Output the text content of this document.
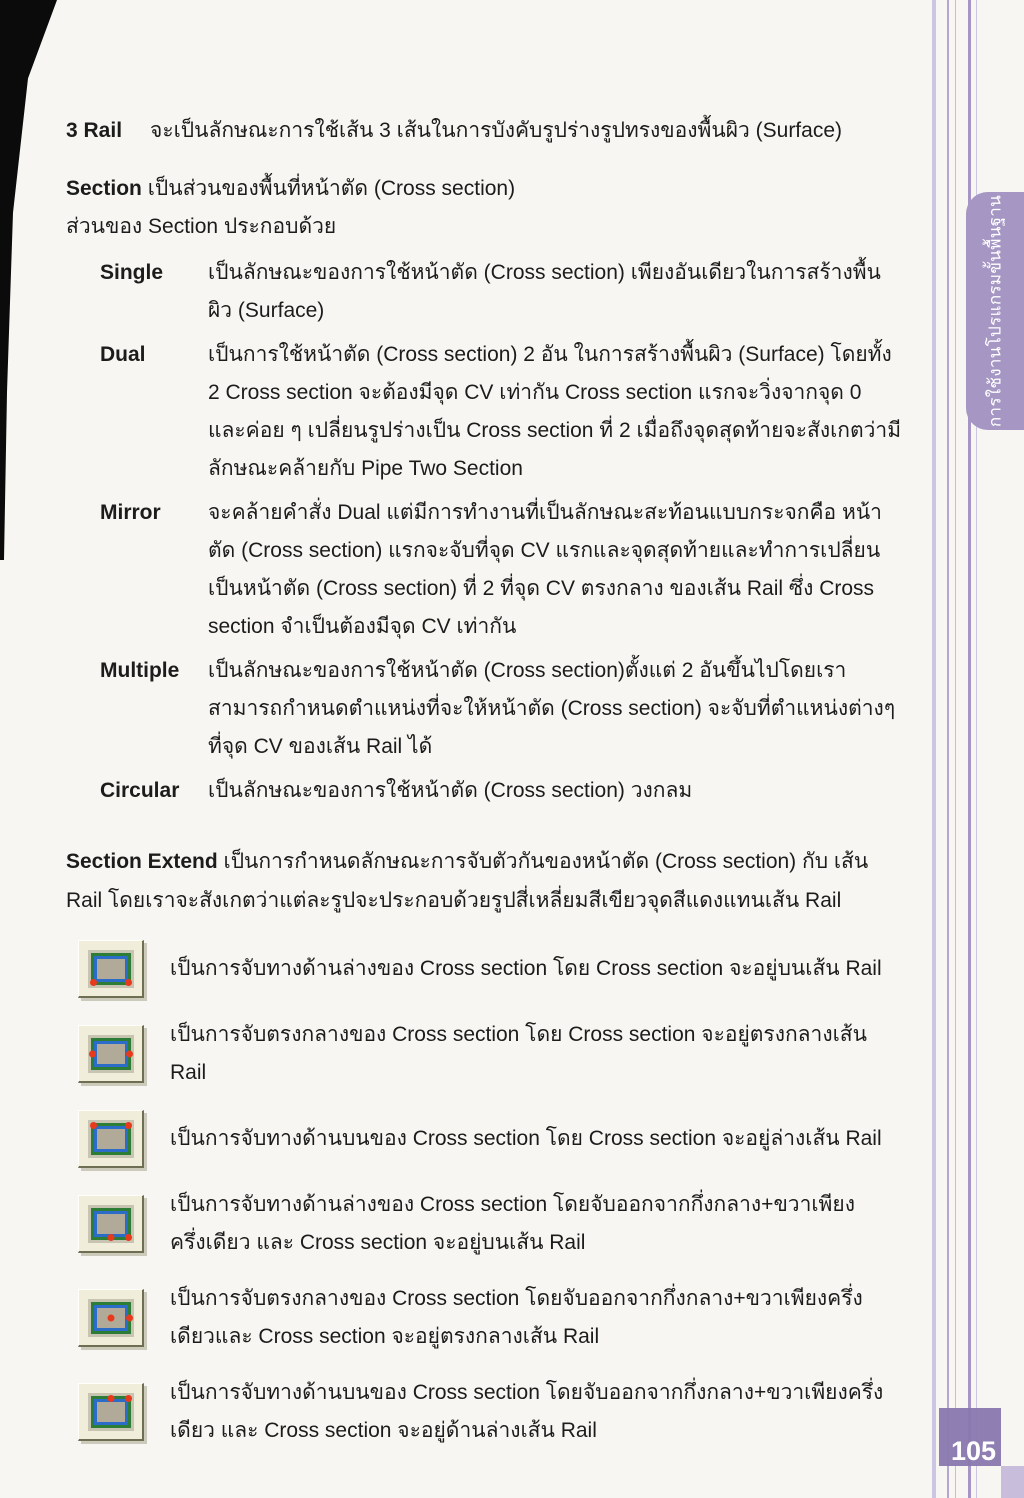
การใช้งานโปรแกรมขั้นพื้นฐาน
105

3 Rail จะเป็นลักษณะการใช้เส้น 3 เส้นในการบังคับรูปร่างรูปทรงของพื้นผิว (Surface)

Section เป็นส่วนของพื้นที่หน้าตัด (Cross section)

ส่วนของ Section ประกอบด้วย

Single	เป็นลักษณะของการใช้หน้าตัด (Cross section) เพียงอันเดียวในการสร้างพื้นผิว (Surface)
Dual	เป็นการใช้หน้าตัด (Cross section) 2 อัน ในการสร้างพื้นผิว (Surface) โดยทั้ง 2 Cross section จะต้องมีจุด CV เท่ากัน Cross section แรกจะวิ่งจากจุด 0 และค่อย ๆ เปลี่ยนรูปร่างเป็น Cross section ที่ 2 เมื่อถึงจุดสุดท้ายจะสังเกตว่ามีลักษณะคล้ายกับ Pipe Two Section
Mirror	จะคล้ายคำสั่ง Dual แต่มีการทำงานที่เป็นลักษณะสะท้อนแบบกระจกคือ หน้าตัด (Cross section) แรกจะจับที่จุด CV แรกและจุดสุดท้ายและทำการเปลี่ยนเป็นหน้าตัด (Cross section) ที่ 2 ที่จุด CV ตรงกลาง ของเส้น Rail ซึ่ง Cross section จำเป็นต้องมีจุด CV เท่ากัน
Multiple	เป็นลักษณะของการใช้หน้าตัด (Cross section)ตั้งแต่ 2 อันขึ้นไปโดยเราสามารถกำหนดตำแหน่งที่จะให้หน้าตัด (Cross section) จะจับที่ตำแหน่งต่างๆที่จุด CV ของเส้น Rail ได้
Circular	เป็นลักษณะของการใช้หน้าตัด (Cross section) วงกลม

Section Extend เป็นการกำหนดลักษณะการจับตัวกันของหน้าตัด (Cross section) กับ เส้น Rail โดยเราจะสังเกตว่าแต่ละรูปจะประกอบด้วยรูปสี่เหลี่ยมสีเขียวจุดสีแดงแทนเส้น Rail

เป็นการจับทางด้านล่างของ Cross section โดย Cross section จะอยู่บนเส้น Rail
เป็นการจับตรงกลางของ Cross section โดย Cross section จะอยู่ตรงกลางเส้น Rail
เป็นการจับทางด้านบนของ Cross section โดย Cross section จะอยู่ล่างเส้น Rail
เป็นการจับทางด้านล่างของ Cross section โดยจับออกจากกึ่งกลาง+ขวาเพียงครึ่งเดียว และ Cross section จะอยู่บนเส้น Rail
เป็นการจับตรงกลางของ Cross section โดยจับออกจากกึ่งกลาง+ขวาเพียงครึ่งเดียวและ Cross section จะอยู่ตรงกลางเส้น Rail
เป็นการจับทางด้านบนของ Cross section โดยจับออกจากกึ่งกลาง+ขวาเพียงครึ่งเดียว และ Cross section จะอยู่ด้านล่างเส้น Rail
